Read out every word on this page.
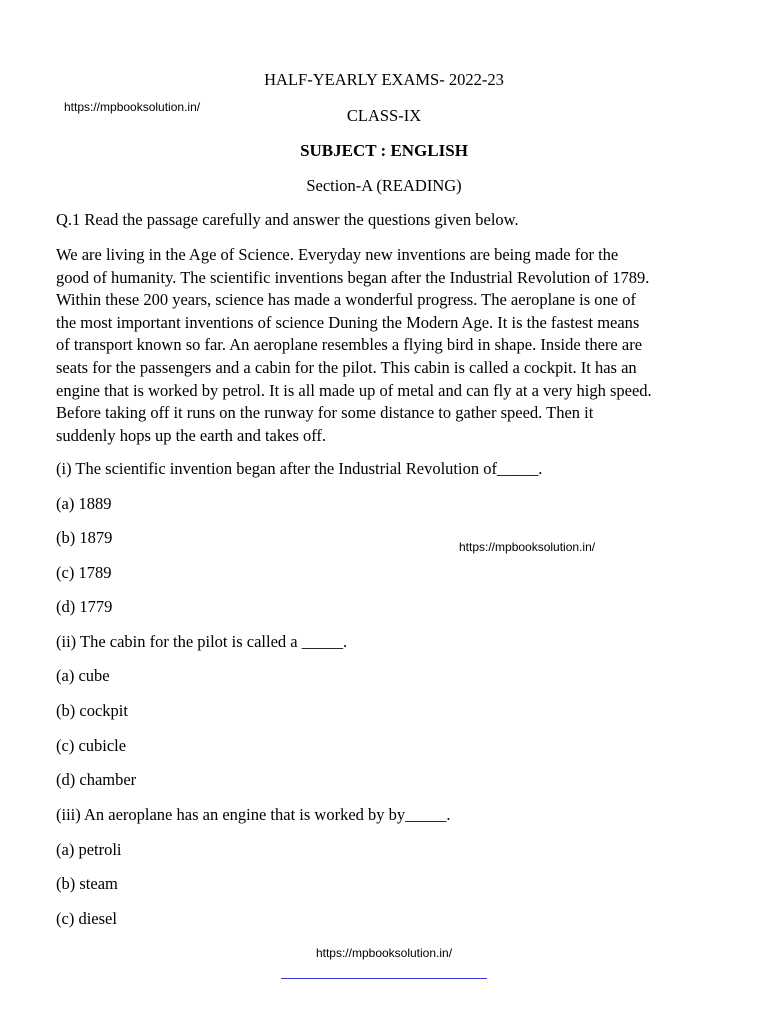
HALF-YEARLY EXAMS- 2022-23
https://mpbooksolution.in/	CLASS-IX
SUBJECT : ENGLISH
Section-A (READING)
Q.1 Read the passage carefully and answer the questions given below.
We are living in the Age of Science. Everyday new inventions are being made for the
good of humanity. The scientific inventions began after the Industrial Revolution of 1789.
Within these 200 years, science has made a wonderful progress. The aeroplane is one of
the most important inventions of science Duning the Modern Age. It is the fastest means
of transport known so far. An aeroplane resembles a flying bird in shape. Inside there are
seats for the passengers and a cabin for the pilot. This cabin is called a cockpit. It has an
engine that is worked by petrol. It is all made up of metal and can fly at a very high speed.
Before taking off it runs on the runway for some distance to gather speed. Then it
suddenly hops up the earth and takes off.
(i) The scientific invention began after the Industrial Revolution of_____.
(a) 1889
(b) 1879
(c) 1789
(d) 1779
https://mpbooksolution.in/
(ii) The cabin for the pilot is called a _____.
(a) cube
(b) cockpit
(c) cubicle
(d) chamber
(iii) An aeroplane has an engine that is worked by by_____.
(a) petroli
(b) steam
(c) diesel
https://mpbooksolution.in/
